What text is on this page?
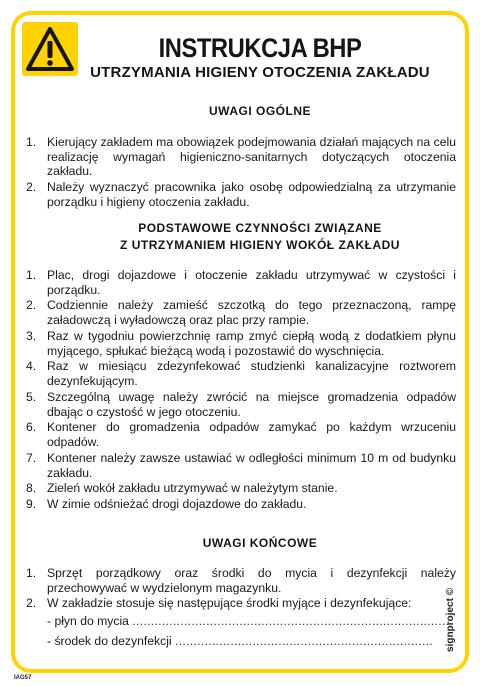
INSTRUKCJA BHP
UTRZYMANIA HIGIENY OTOCZENIA ZAKŁADU
UWAGI OGÓLNE
1. Kierujący zakładem ma obowiązek podejmowania działań mających na celu realizację wymagań higieniczno-sanitarnych dotyczących otoczenia zakładu.
2. Należy wyznaczyć pracownika jako osobę odpowiedzialną za utrzymanie porządku i higieny otoczenia zakładu.
PODSTAWOWE CZYNNOŚCI ZWIĄZANE
Z UTRZYMANIEM HIGIENY WOKÓŁ ZAKŁADU
1. Plac, drogi dojazdowe i otoczenie zakładu utrzymywać w czystości i porządku.
2. Codziennie należy zamieść szczotką do tego przeznaczoną, rampę załadowczą i wyładowczą oraz plac przy rampie.
3. Raz w tygodniu powierzchnię ramp zmyć ciepłą wodą z dodatkiem płynu myjącego, spłukać bieżącą wodą i pozostawić do wyschnięcia.
4. Raz w miesiącu zdezynfekować studzienki kanalizacyjne roztworem dezynfekującym.
5. Szczególną uwagę należy zwrócić na miejsce gromadzenia odpadów dbając o czystość w jego otoczeniu.
6. Kontener do gromadzenia odpadów zamykać po każdym wrzuceniu odpadów.
7. Kontener należy zawsze ustawiać w odległości minimum 10 m od budynku zakładu.
8. Zieleń wokół zakładu utrzymywać w należytym stanie.
9. W zimie odśnieżać drogi dojazdowe do zakładu.
UWAGI KOŃCOWE
1. Sprzęt porządkowy oraz środki do mycia i dezynfekcji należy przechowywać w wydzielonym magazynku.
2. W zakładzie stosuje się następujące środki myjące i dezynfekujące:
- płyn do mycia ......................................................................................
- środek do dezynfekcji ......................................................................	signproject ©
IAG57
